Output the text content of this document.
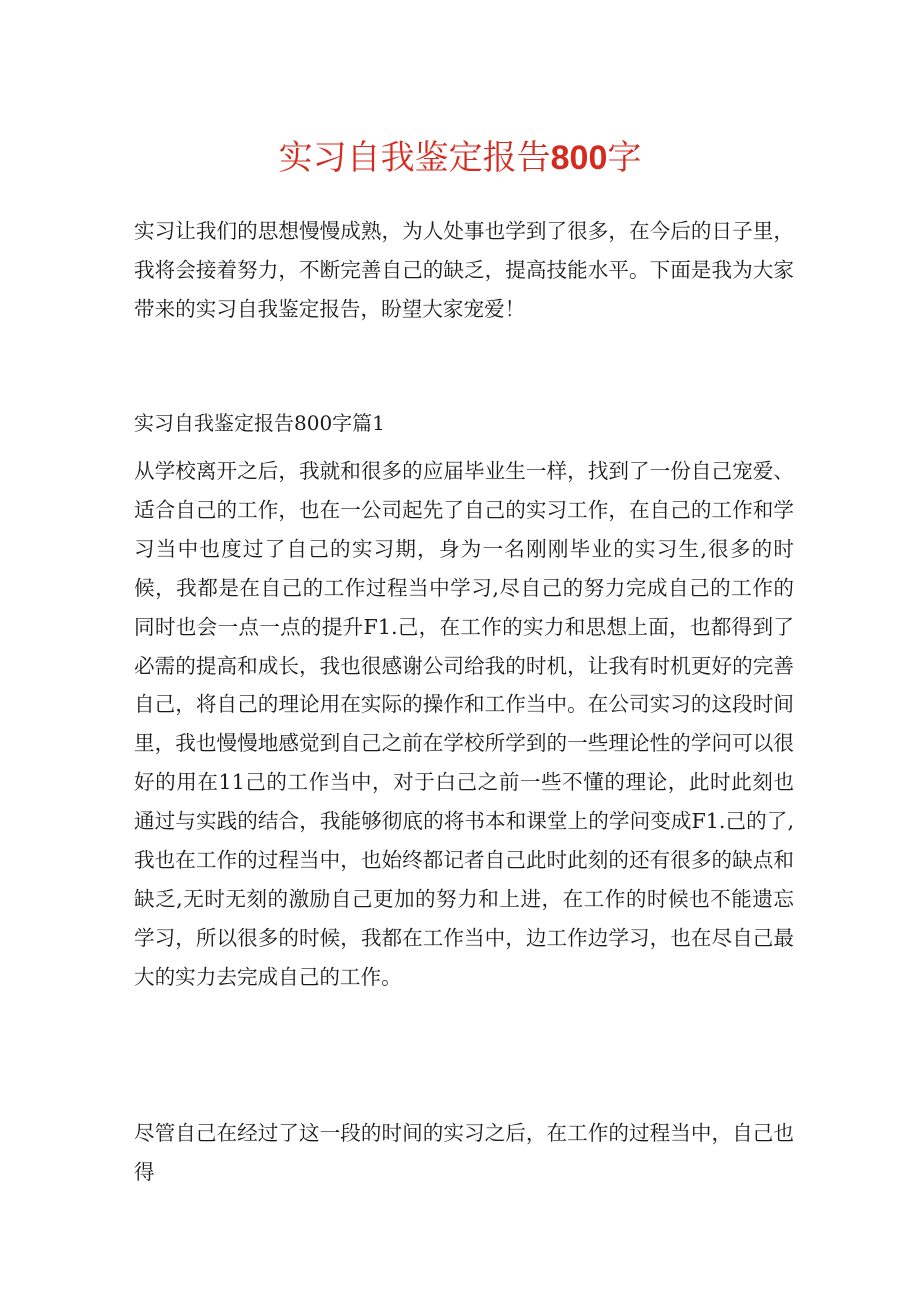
实习自我鉴定报告800字

实习让我们的思想慢慢成熟，为人处事也学到了很多，在今后的日子里，我将会接着努力，不断完善自己的缺乏，提高技能水平。下面是我为大家带来的实习自我鉴定报告，盼望大家宠爱！

实习自我鉴定报告800字篇1

从学校离开之后，我就和很多的应届毕业生一样，找到了一份自己宠爱、适合自己的工作，也在一公司起先了自己的实习工作，在自己的工作和学习当中也度过了自己的实习期，身为一名刚刚毕业的实习生,很多的时候，我都是在自己的工作过程当中学习,尽自己的努力完成自己的工作的同时也会一点一点的提升F1.己，在工作的实力和思想上面，也都得到了必需的提高和成长，我也很感谢公司给我的时机，让我有时机更好的完善自己，将自己的理论用在实际的操作和工作当中。在公司实习的这段时间里，我也慢慢地感觉到自己之前在学校所学到的一些理论性的学问可以很好的用在11己的工作当中，对于白己之前一些不懂的理论，此时此刻也通过与实践的结合，我能够彻底的将书本和课堂上的学问变成F1.己的了,我也在工作的过程当中，也始终都记者自己此时此刻的还有很多的缺点和缺乏,无时无刻的激励自己更加的努力和上进，在工作的时候也不能遗忘学习，所以很多的时候，我都在工作当中，边工作边学习，也在尽自己最大的实力去完成自己的工作。

尽管自己在经过了这一段的时间的实习之后，在工作的过程当中，自己也得
